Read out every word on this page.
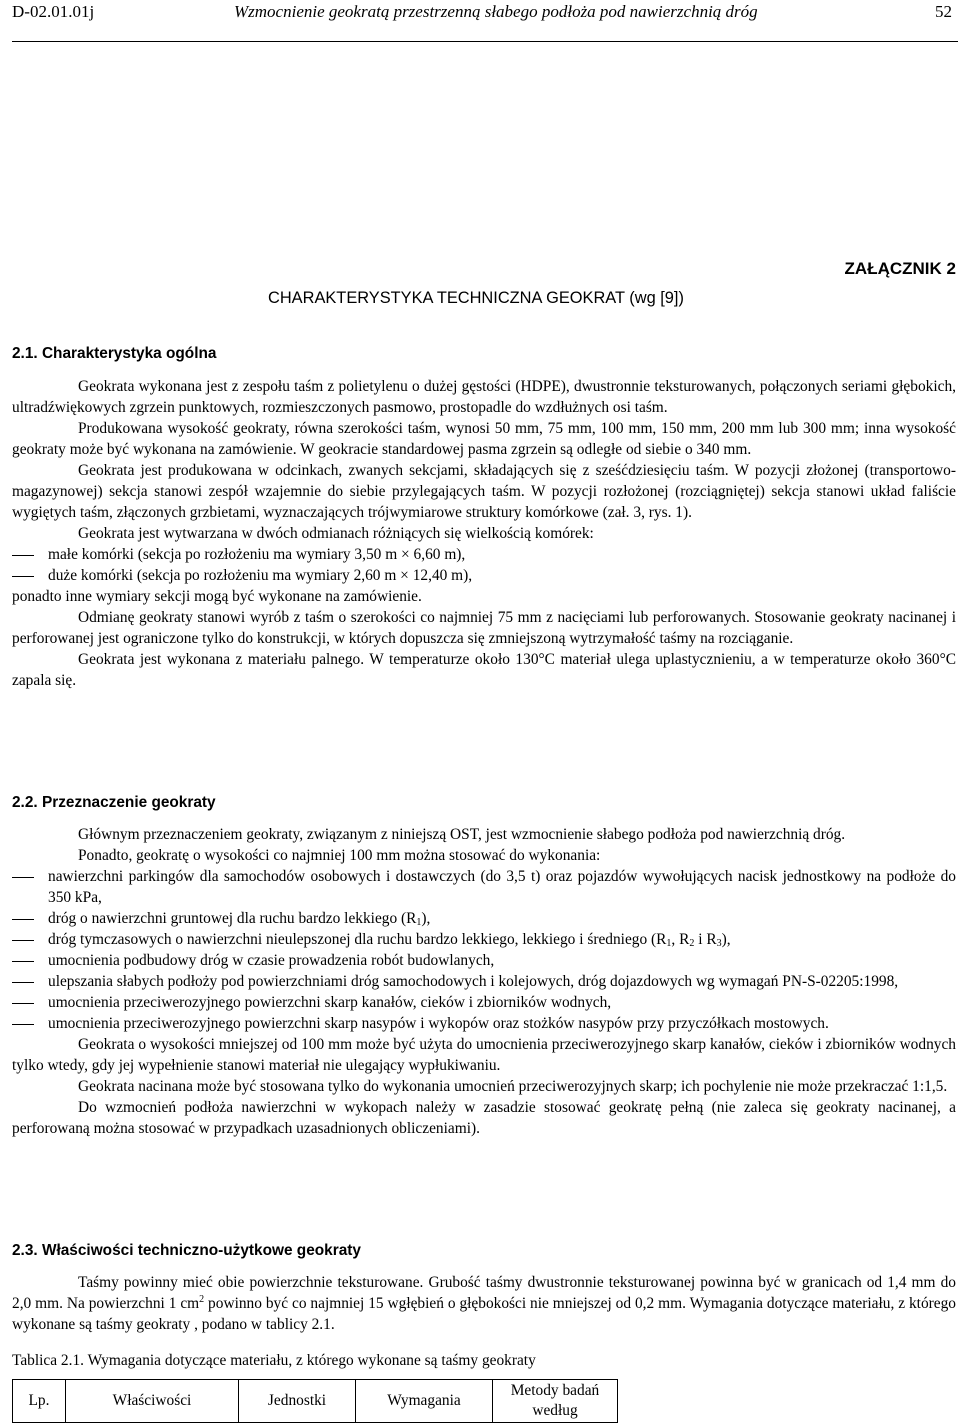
D-02.01.01j	Wzmocnienie geokratą przestrzenną słabego podłoża pod nawierzchnią dróg	52
ZAŁĄCZNIK 2
CHARAKTERYSTYKA TECHNICZNA GEOKRAT (wg [9])
2.1. Charakterystyka ogólna

Geokrata wykonana jest z zespołu taśm z polietylenu o dużej gęstości (HDPE), dwustronnie teksturowanych, połączonych seriami głębokich, ultradźwiękowych zgrzein punktowych, rozmieszczonych pasmowo, prostopadle do wzdłużnych osi taśm.

Produkowana wysokość geokraty, równa szerokości taśm, wynosi 50 mm, 75 mm, 100 mm, 150 mm, 200 mm lub 300 mm; inna wysokość geokraty może być wykonana na zamówienie. W geokracie standardowej pasma zgrzein są odległe od siebie o 340 mm.

Geokrata jest produkowana w odcinkach, zwanych sekcjami, składających się z sześćdziesięciu taśm. W pozycji złożonej (transportowo-magazynowej) sekcja stanowi zespół wzajemnie do siebie przylegających taśm. W pozycji rozłożonej (rozciągniętej) sekcja stanowi układ faliście wygiętych taśm, złączonych grzbietami, wyznaczających trójwymiarowe struktury komórkowe (zał. 3, rys. 1).

Geokrata jest wytwarzana w dwóch odmianach różniących się wielkością komórek:

małe komórki (sekcja po rozłożeniu ma wymiary 3,50 m × 6,60 m),

duże komórki (sekcja po rozłożeniu ma wymiary 2,60 m × 12,40 m),

ponadto inne wymiary sekcji mogą być wykonane na zamówienie.

Odmianę geokraty stanowi wyrób z taśm o szerokości co najmniej 75 mm z nacięciami lub perforowanych. Stosowanie geokraty nacinanej i perforowanej jest ograniczone tylko do konstrukcji, w których dopuszcza się zmniejszoną wytrzymałość taśmy na rozciąganie.

Geokrata jest wykonana z materiału palnego. W temperaturze około 130°C materiał ulega uplastycznieniu, a w temperaturze około 360°C zapala się.

2.2. Przeznaczenie geokraty

Głównym przeznaczeniem geokraty, związanym z niniejszą OST, jest wzmocnienie słabego podłoża pod nawierzchnią dróg.

Ponadto, geokratę o wysokości co najmniej 100 mm można stosować do wykonania:

nawierzchni parkingów dla samochodów osobowych i dostawczych (do 3,5 t) oraz pojazdów wywołujących nacisk jednostkowy na podłoże do 350 kPa,

dróg o nawierzchni gruntowej dla ruchu bardzo lekkiego $(R_1)$,

dróg tymczasowych o nawierzchni nieulepszonej dla ruchu bardzo lekkiego, lekkiego i średniego ($R_1$, $R_2$ i $R_3$),

umocnienia podbudowy dróg w czasie prowadzenia robót budowlanych,

ulepszania słabych podłoży pod powierzchniami dróg samochodowych i kolejowych, dróg dojazdowych wg wymagań PN-S-02205:1998,

umocnienia przeciwerozyjnego powierzchni skarp kanałów, cieków i zbiorników wodnych,

umocnienia przeciwerozyjnego powierzchni skarp nasypów i wykopów oraz stożków nasypów przy przyczółkach mostowych.

Geokrata o wysokości mniejszej od 100 mm może być użyta do umocnienia przeciwerozyjnego skarp kanałów, cieków i zbiorników wodnych tylko wtedy, gdy jej wypełnienie stanowi materiał nie ulegający wypłukiwaniu.

Geokrata nacinana może być stosowana tylko do wykonania umocnień przeciwerozyjnych skarp; ich pochylenie nie może przekraczać 1:1,5.

Do wzmocnień podłoża nawierzchni w wykopach należy w zasadzie stosować geokratę pełną (nie zaleca się geokraty nacinanej, a perforowaną można stosować w przypadkach uzasadnionych obliczeniami).

2.3. Właściwości techniczno-użytkowe geokraty

Taśmy powinny mieć obie powierzchnie teksturowane. Grubość taśmy dwustronnie teksturowanej powinna być w granicach od 1,4 mm do 2,0 mm. Na powierzchni 1 $cm^2$ powinno być co najmniej 15 wgłębień o głębokości nie mniejszej od 0,2 mm. Wymagania dotyczące materiału, z którego wykonane są taśmy geokraty , podano w tablicy 2.1.

Tablica 2.1. Wymagania dotyczące materiału, z którego wykonane są taśmy geokraty
Lp.	Właściwości	Jednostki	Wymagania	Metody badań według
